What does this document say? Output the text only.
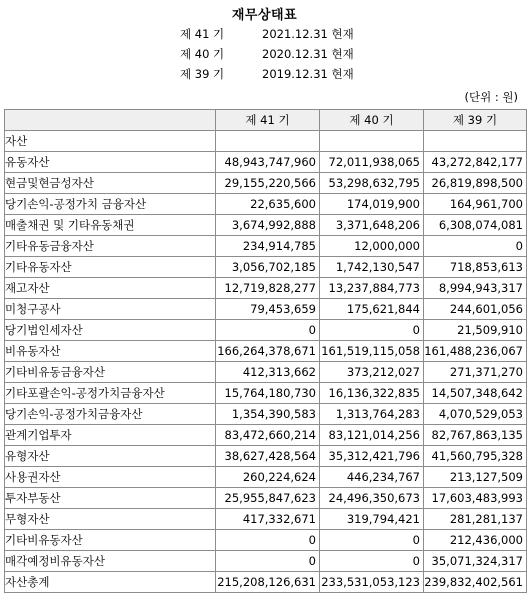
재무상태표
제 41 기	2021.12.31 현재
제 40 기	2020.12.31 현재
제 39 기	2019.12.31 현재
(단위 : 원)
	제 41 기	제 40 기	제 39 기
자산			
유동자산	48,943,747,960	72,011,938,065	43,272,842,177
현금및현금성자산	29,155,220,566	53,298,632,795	26,819,898,500
당기손익-공정가치 금융자산	22,635,600	174,019,900	164,961,700
매출채권 및 기타유동채권	3,674,992,888	3,371,648,206	6,308,074,081
기타유동금융자산	234,914,785	12,000,000	0
기타유동자산	3,056,702,185	1,742,130,547	718,853,613
재고자산	12,719,828,277	13,237,884,773	8,994,943,317
미청구공사	79,453,659	175,621,844	244,601,056
당기법인세자산	0	0	21,509,910
비유동자산	166,264,378,671	161,519,115,058	161,488,236,067
기타비유동금융자산	412,313,662	373,212,027	271,371,270
기타포괄손익-공정가치금융자산	15,764,180,730	16,136,322,835	14,507,348,642
당기손익-공정가치금융자산	1,354,390,583	1,313,764,283	4,070,529,053
관계기업투자	83,472,660,214	83,121,014,256	82,767,863,135
유형자산	38,627,428,564	35,312,421,796	41,560,795,328
사용권자산	260,224,624	446,234,767	213,127,509
투자부동산	25,955,847,623	24,496,350,673	17,603,483,993
무형자산	417,332,671	319,794,421	281,281,137
기타비유동자산	0	0	212,436,000
매각예정비유동자산	0	0	35,071,324,317
자산총계	215,208,126,631	233,531,053,123	239,832,402,561
